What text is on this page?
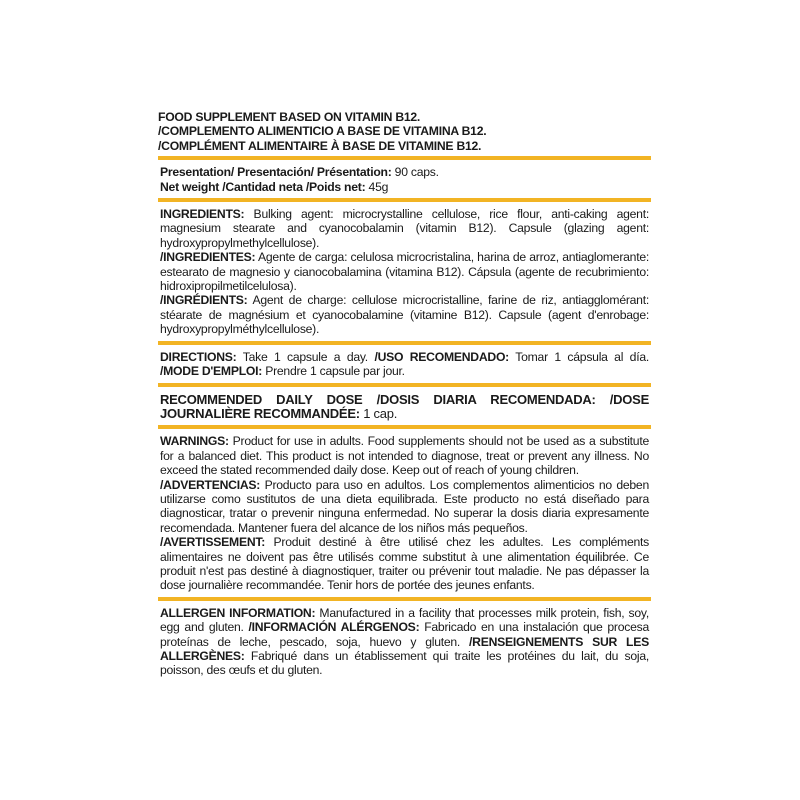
FOOD SUPPLEMENT BASED ON VITAMIN B12.
/COMPLEMENTO ALIMENTICIO A BASE DE VITAMINA B12.
/COMPLÉMENT ALIMENTAIRE À BASE DE VITAMINE B12.
Presentation/ Presentación/ Présentation: 90 caps.
Net weight /Cantidad neta /Poids net: 45g
INGREDIENTS: Bulking agent: microcrystalline cellulose, rice flour, anti-caking agent: magnesium stearate and cyanocobalamin (vitamin B12). Capsule (glazing agent: hydroxypropylmethylcellulose).
/INGREDIENTES: Agente de carga: celulosa microcristalina, harina de arroz, antiaglomerante: estearato de magnesio y cianocobalamina (vitamina B12). Cápsula (agente de recubrimiento: hidroxipropilmetilcelulosa).
/INGRÉDIENTS: Agent de charge: cellulose microcristalline, farine de riz, antiagglomérant: stéarate de magnésium et cyanocobalamine (vitamine B12). Capsule (agent d'enrobage: hydroxypropylméthylcellulose).
DIRECTIONS: Take 1 capsule a day. /USO RECOMENDADO: Tomar 1 cápsula al día. /MODE D'EMPLOI: Prendre 1 capsule par jour.
RECOMMENDED DAILY DOSE /DOSIS DIARIA RECOMENDADA: /DOSE JOURNALIÈRE RECOMMANDÉE: 1 cap.
WARNINGS: Product for use in adults. Food supplements should not be used as a substitute for a balanced diet. This product is not intended to diagnose, treat or prevent any illness. No exceed the stated recommended daily dose. Keep out of reach of young children.
/ADVERTENCIAS: Producto para uso en adultos. Los complementos alimenticios no deben utilizarse como sustitutos de una dieta equilibrada. Este producto no está diseñado para diagnosticar, tratar o prevenir ninguna enfermedad. No superar la dosis diaria expresamente recomendada. Mantener fuera del alcance de los niños más pequeños.
/AVERTISSEMENT: Produit destiné à être utilisé chez les adultes. Les compléments alimentaires ne doivent pas être utilisés comme substitut à une alimentation équilibrée. Ce produit n'est pas destiné à diagnostiquer, traiter ou prévenir tout maladie. Ne pas dépasser la dose journalière recommandée. Tenir hors de portée des jeunes enfants.
ALLERGEN INFORMATION: Manufactured in a facility that processes milk protein, fish, soy, egg and gluten. /INFORMACIÓN ALÉRGENOS: Fabricado en una instalación que procesa proteínas de leche, pescado, soja, huevo y gluten. /RENSEIGNEMENTS SUR LES ALLERGÈNES: Fabriqué dans un établissement qui traite les protéines du lait, du soja, poisson, des œufs et du gluten.
